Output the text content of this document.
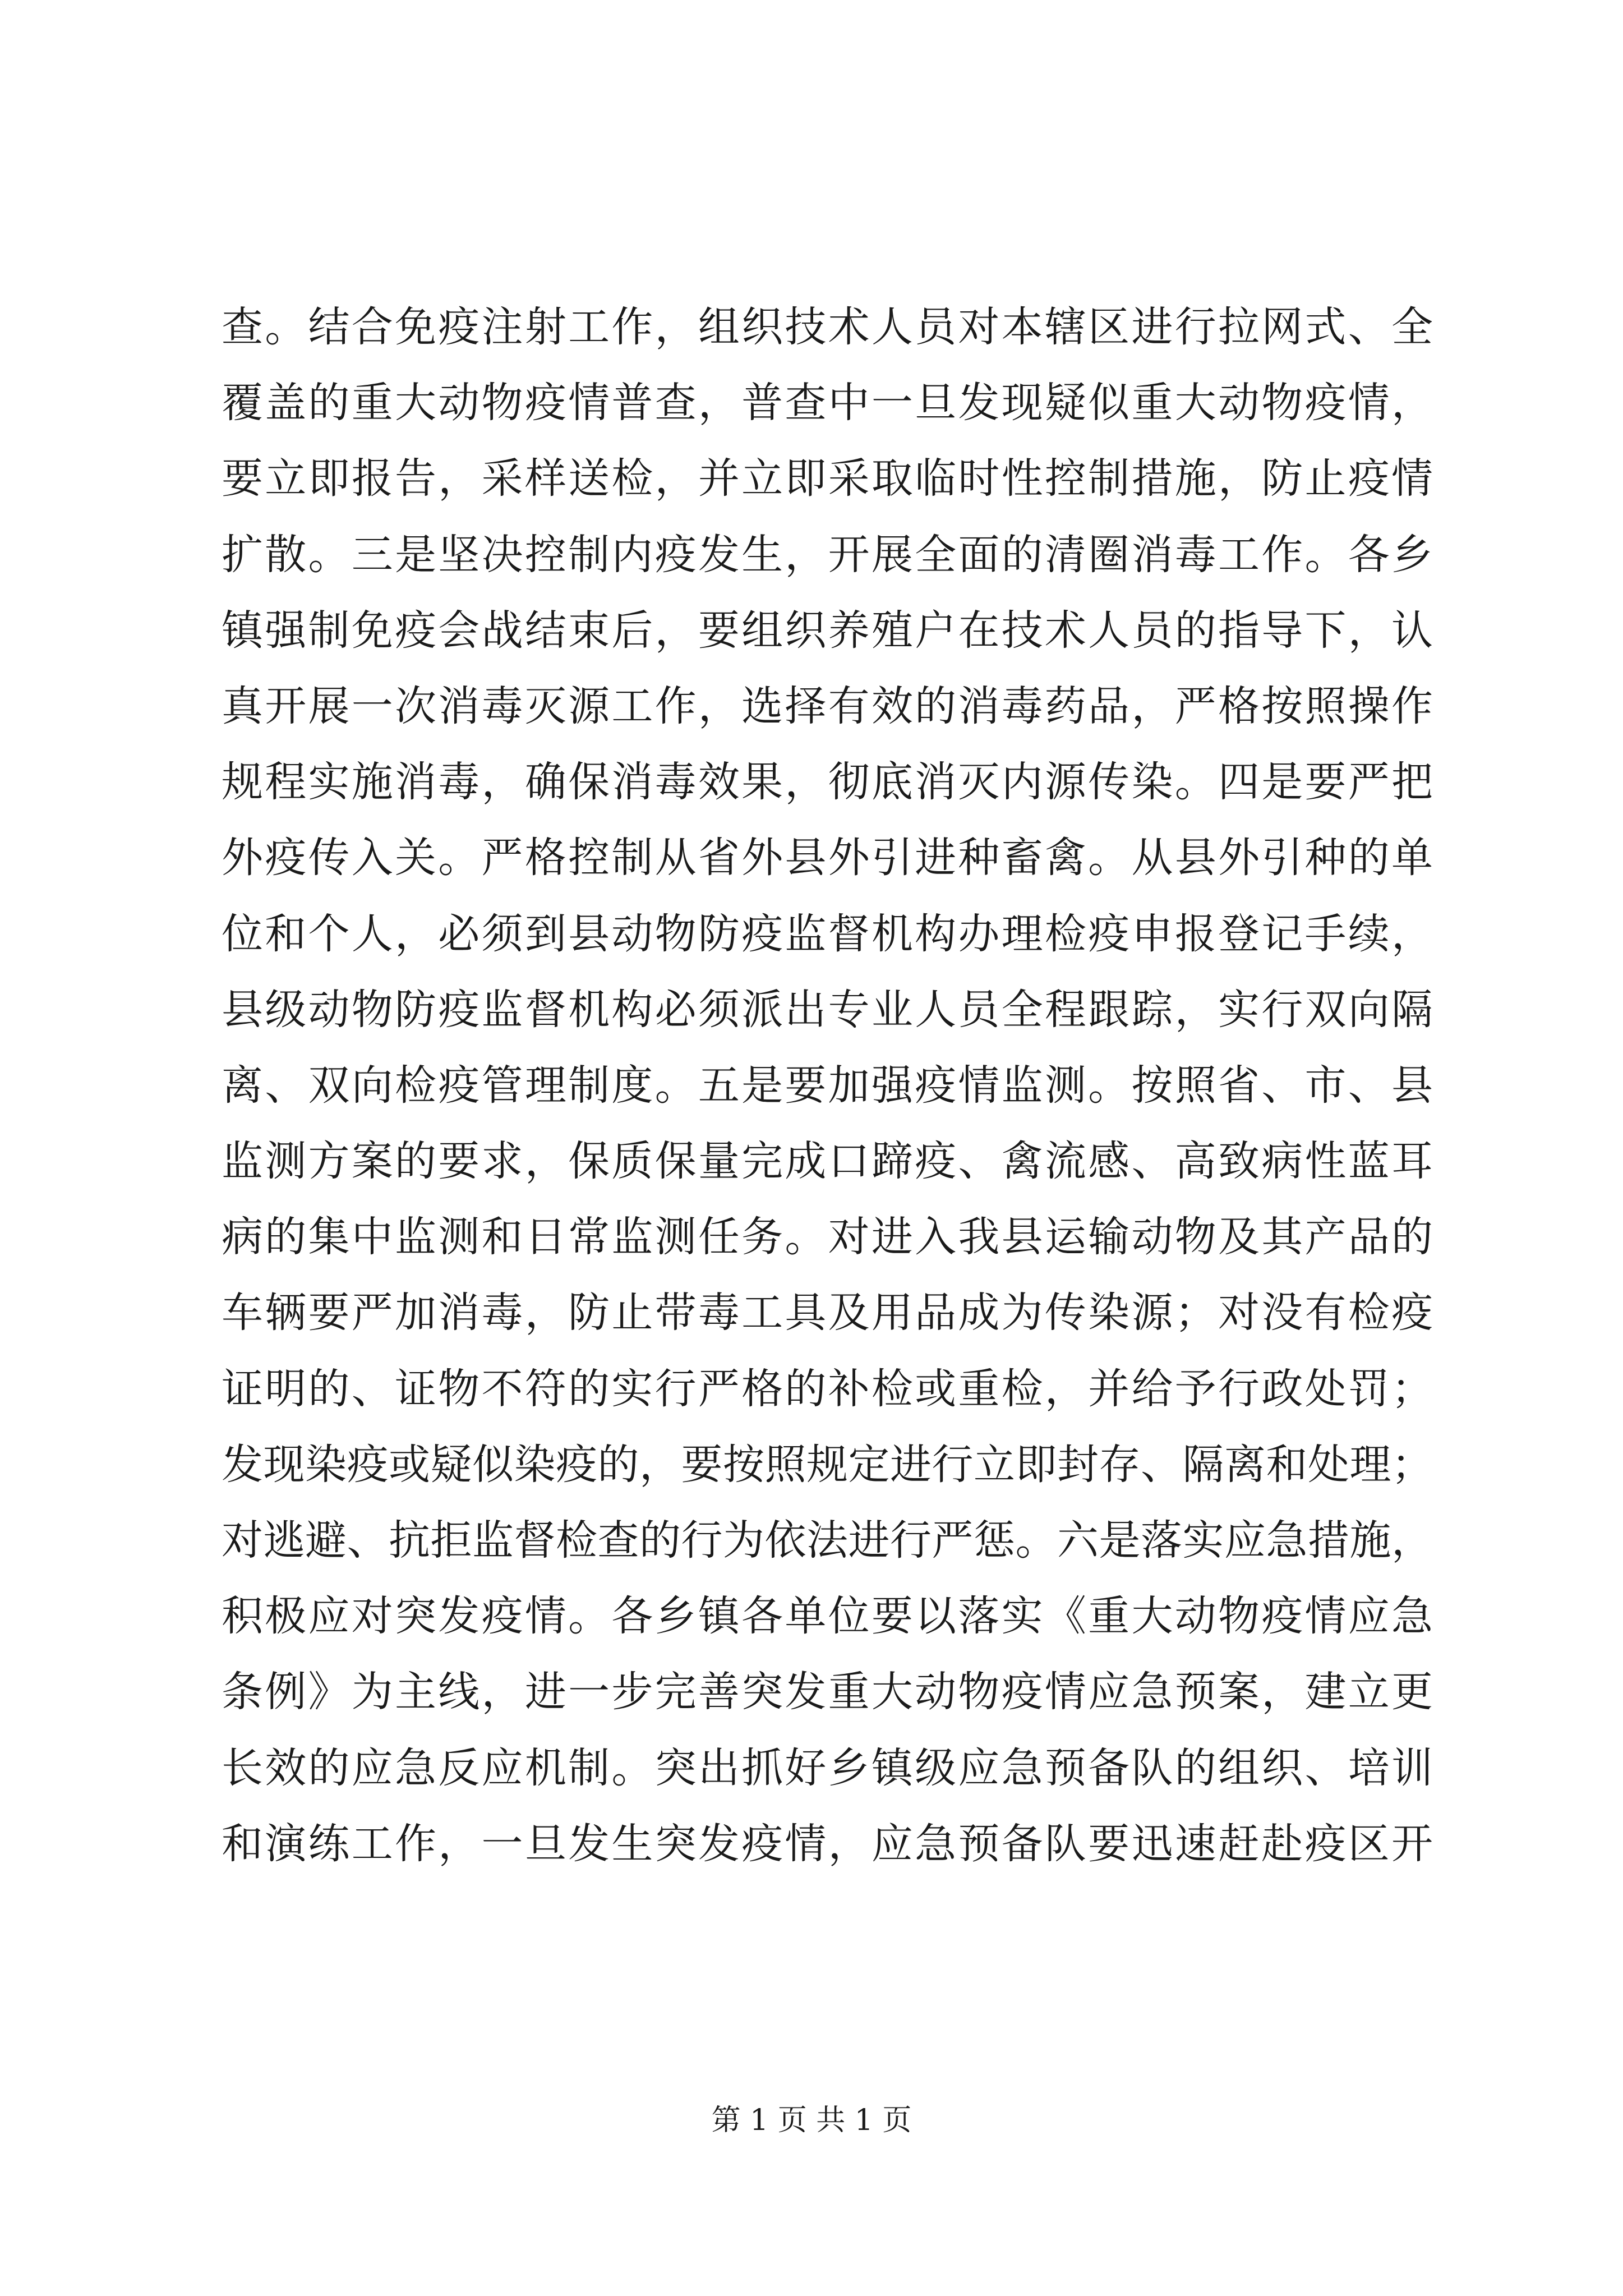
查。结合免疫注射工作，组织技术人员对本辖区进行拉网式、全
覆盖的重大动物疫情普查，普查中一旦发现疑似重大动物疫情，
要立即报告，采样送检，并立即采取临时性控制措施，防止疫情
扩散。三是坚决控制内疫发生，开展全面的清圈消毒工作。各乡
镇强制免疫会战结束后，要组织养殖户在技术人员的指导下，认
真开展一次消毒灭源工作，选择有效的消毒药品，严格按照操作
规程实施消毒，确保消毒效果，彻底消灭内源传染。四是要严把
外疫传入关。严格控制从省外县外引进种畜禽。从县外引种的单
位和个人，必须到县动物防疫监督机构办理检疫申报登记手续，
县级动物防疫监督机构必须派出专业人员全程跟踪，实行双向隔
离、双向检疫管理制度。五是要加强疫情监测。按照省、市、县
监测方案的要求，保质保量完成口蹄疫、禽流感、高致病性蓝耳
病的集中监测和日常监测任务。对进入我县运输动物及其产品的
车辆要严加消毒，防止带毒工具及用品成为传染源；对没有检疫
证明的、证物不符的实行严格的补检或重检，并给予行政处罚；
发现染疫或疑似染疫的，要按照规定进行立即封存、隔离和处理；
对逃避、抗拒监督检查的行为依法进行严惩。六是落实应急措施，
积极应对突发疫情。各乡镇各单位要以落实《重大动物疫情应急
条例》为主线，进一步完善突发重大动物疫情应急预案，建立更
长效的应急反应机制。突出抓好乡镇级应急预备队的组织、培训
和演练工作，一旦发生突发疫情，应急预备队要迅速赶赴疫区开
第 1 页 共 1 页
